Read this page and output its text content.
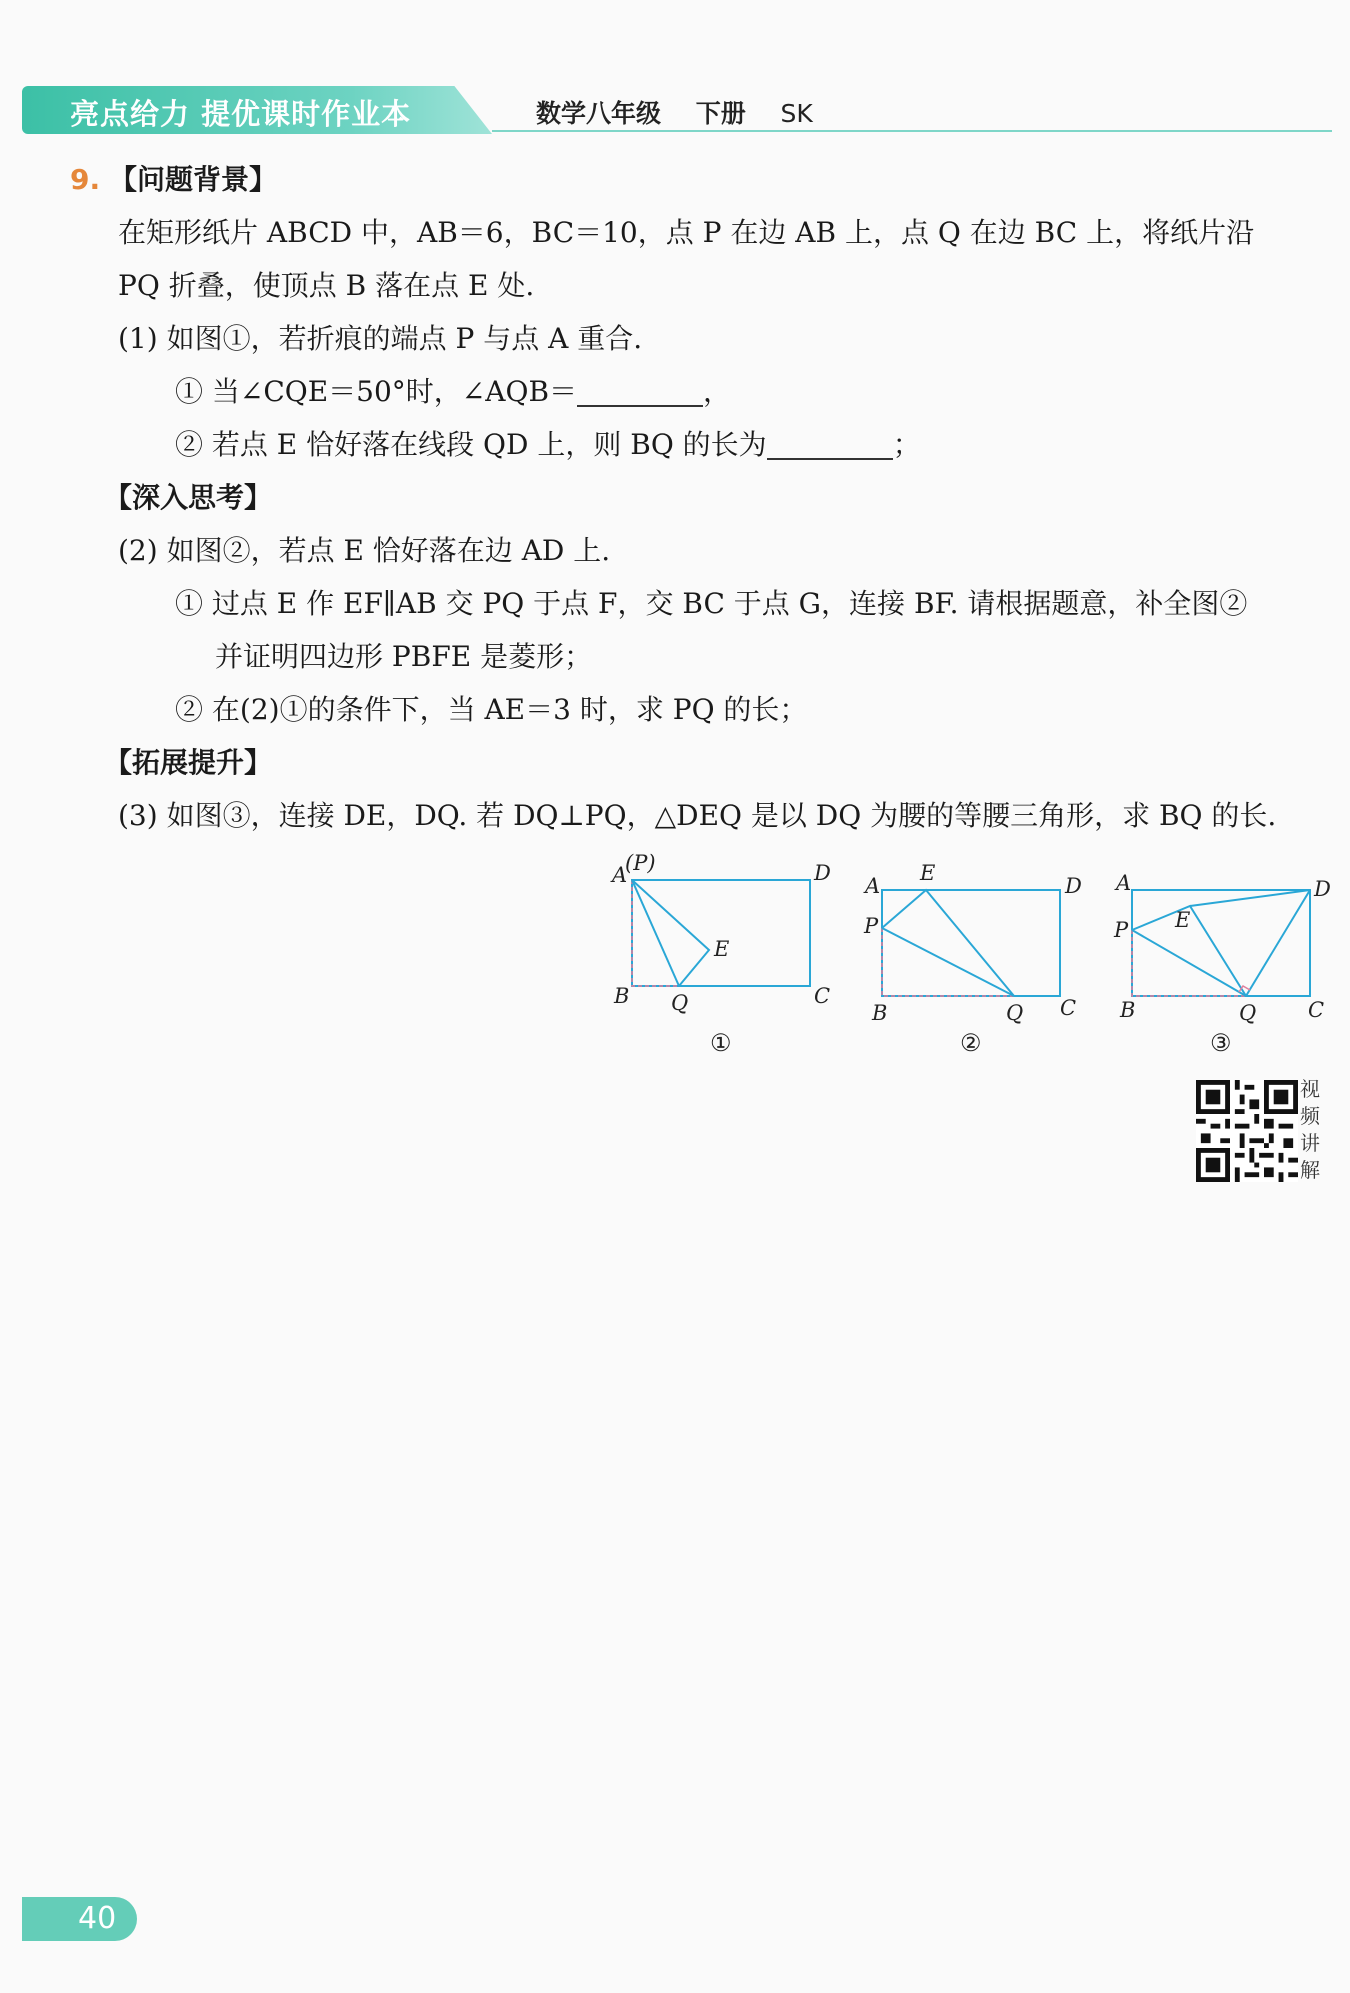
亮点给力 提优课时作业本	数学八年级 下册 SK
9. 【问题背景】
在矩形纸片 ABCD 中，AB＝6，BC＝10，点 P 在边 AB 上，点 Q 在边 BC 上，将纸片沿
PQ 折叠，使顶点 B 落在点 E 处.
(1) 如图①，若折痕的端点 P 与点 A 重合.
① 当∠CQE＝50°时，∠AQB＝	，
② 若点 E 恰好落在线段 QD 上，则 BQ 的长为	；
【深入思考】
(2) 如图②，若点 E 恰好落在边 AD 上.
① 过点 E 作 EF∥AB 交 PQ 于点 F，交 BC 于点 G，连接 BF. 请根据题意，补全图②
并证明四边形 PBFE 是菱形；
② 在(2)①的条件下，当 AE＝3 时，求 PQ 的长；
【拓展提升】
(3) 如图③，连接 DE，DQ. 若 DQ⊥PQ，△DEQ 是以 DQ 为腰的等腰三角形，求 BQ 的长.
A
(P)	D
E
B Q	C
①
A
E
D
P
B	Q C
②
A	D
E
P
B	Q C
③
视频讲解
40
